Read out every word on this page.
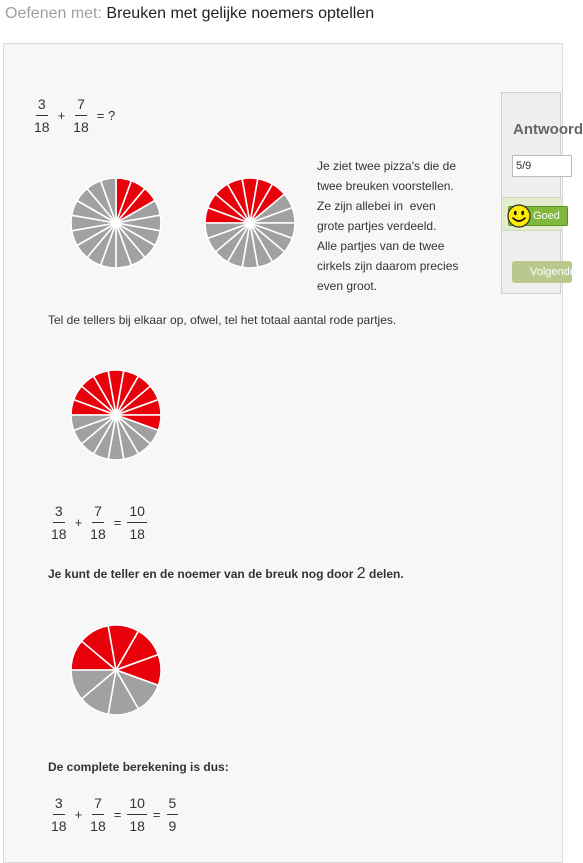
Oefenen met: Breuken met gelijke noemers optellen
$\frac{3}{18} + \frac{7}{18}$ = ?
Je ziet twee pizza's die de
twee breuken voorstellen.
Ze zijn allebei in  even
grote partjes verdeeld.
Alle partjes van de twee
cirkels zijn daarom precies
even groot.
Tel de tellers bij elkaar op, ofwel, tel het totaal aantal rode partjes.
$\frac{3}{18} + \frac{7}{18} = \frac{10}{18}$
Je kunt de teller en de noemer van de breuk nog door 2 delen.
De complete berekening is dus:
$\frac{3}{18} + \frac{7}{18} = \frac{10}{18} = \frac{5}{9}$
Antwoord
5/9
Goed
Volgende
